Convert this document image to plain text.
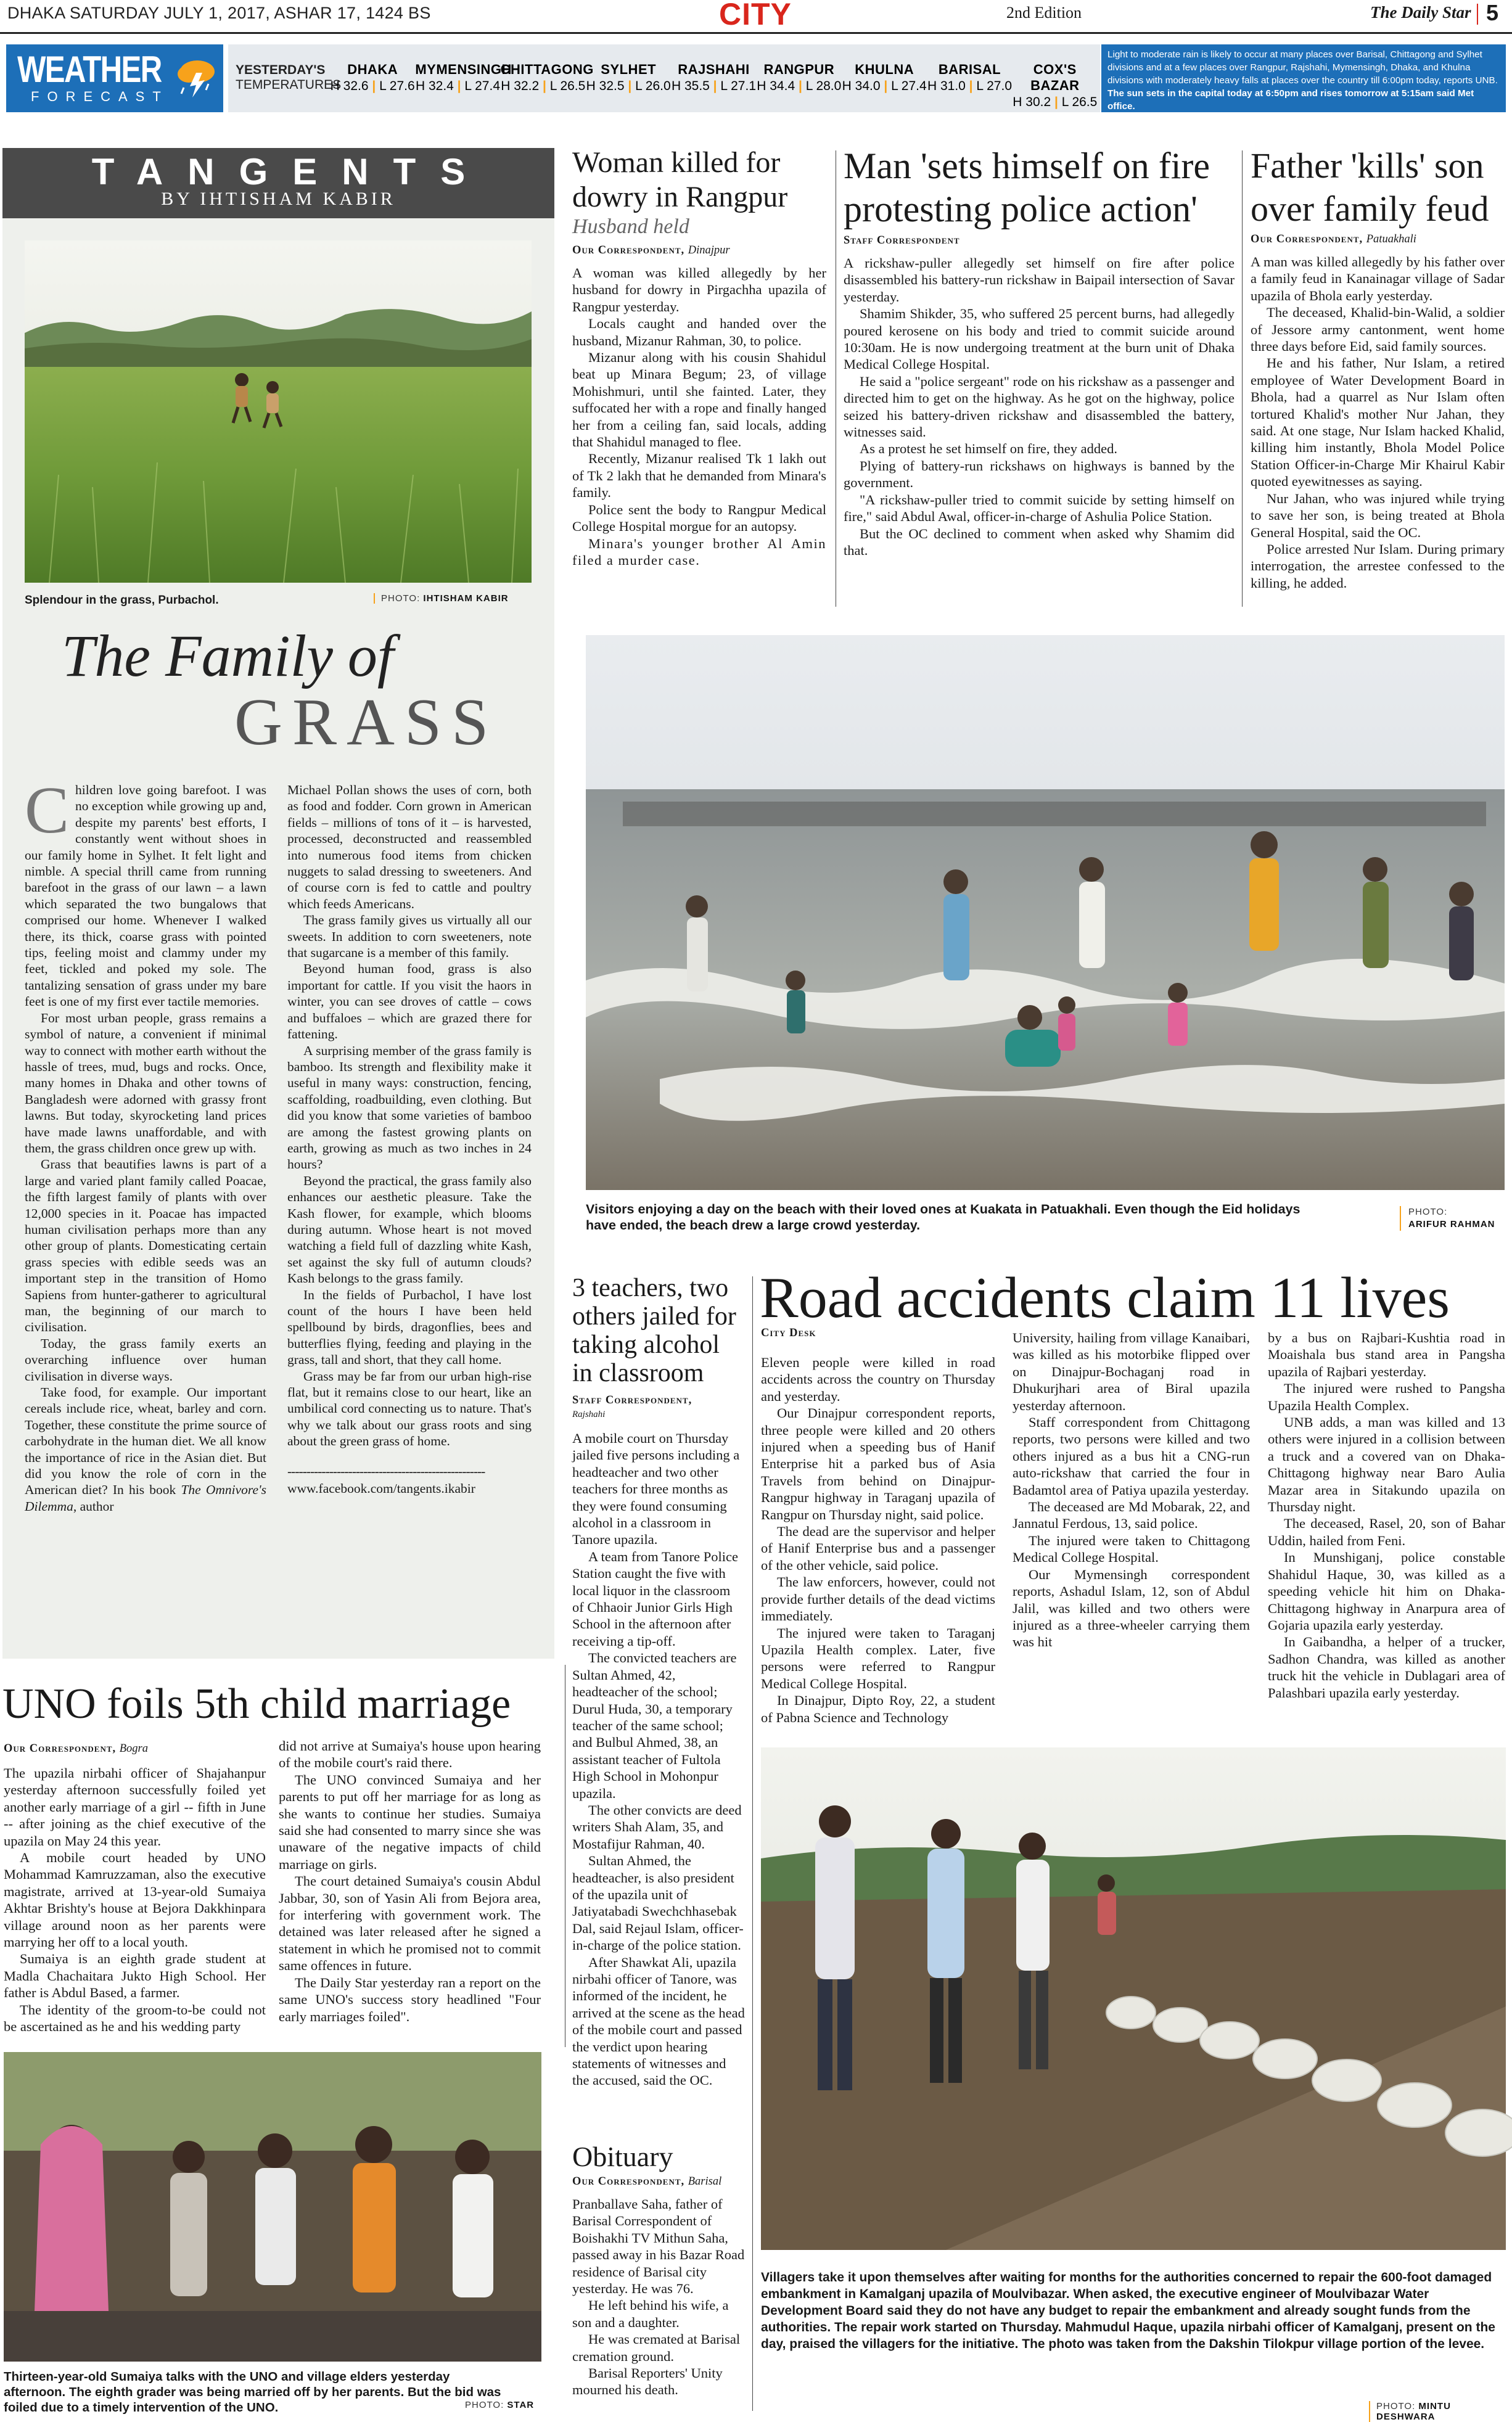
DHAKA SATURDAY JULY 1, 2017, ASHAR 17, 1424 BS	CITY	2nd Edition	The Daily Star 5
WEATHER
FORECAST
YESTERDAY'S
TEMPERATURES
DHAKA
H 32.6 | L 27.6
MYMENSINGH
H 32.4 | L 27.4
CHITTAGONG
H 32.2 | L 26.5
SYLHET
H 32.5 | L 26.0
RAJSHAHI
H 35.5 | L 27.1
RANGPUR
H 34.4 | L 28.0
KHULNA
H 34.0 | L 27.4
BARISAL
H 31.0 | L 27.0
COX'S BAZAR
H 30.2 | L 26.5
Light to moderate rain is likely to occur at many places over Barisal, Chittagong and Sylhet divisions and at a few places over Rangpur, Rajshahi, Mymensingh, Dhaka, and Khulna divisions with moderately heavy falls at places over the country till 6:00pm today, reports UNB. The sun sets in the capital today at 6:50pm and rises tomorrow at 5:15am said Met office.
TANGENTS
BY IHTISHAM KABIR
Splendour in the grass, Purbachol.	PHOTO: IHTISHAM KABIR
The Family of
GRASS

Children love going barefoot. I was no exception while growing up and, despite my parents' best efforts, I constantly went without shoes in our family home in Sylhet. It felt light and nimble. A special thrill came from running barefoot in the grass of our lawn – a lawn which separated the two bungalows that comprised our home. Whenever I walked there, its thick, coarse grass with pointed tips, feeling moist and clammy under my feet, tickled and poked my sole. The tantalizing sensation of grass under my bare feet is one of my first ever tactile memories.

For most urban people, grass remains a symbol of nature, a convenient if minimal way to connect with mother earth without the hassle of trees, mud, bugs and rocks. Once, many homes in Dhaka and other towns of Bangladesh were adorned with grassy front lawns. But today, skyrocketing land prices have made lawns unaffordable, and with them, the grass children once grew up with.

Grass that beautifies lawns is part of a large and varied plant family called Poacae, the fifth largest family of plants with over 12,000 species in it. Poacae has impacted human civilisation perhaps more than any other group of plants. Domesticating certain grass species with edible seeds was an important step in the transition of Homo Sapiens from hunter-gatherer to agricultural man, the beginning of our march to civilisation.

Today, the grass family exerts an overarching influence over human civilisation in diverse ways.

Take food, for example. Our important cereals include rice, wheat, barley and corn. Together, these constitute the prime source of carbohydrate in the human diet. We all know the importance of rice in the Asian diet. But did you know the role of corn in the American diet? In his book The Omnivore's Dilemma, author

Michael Pollan shows the uses of corn, both as food and fodder. Corn grown in American fields – millions of tons of it – is harvested, processed, deconstructed and reassembled into numerous food items from chicken nuggets to salad dressing to sweeteners. And of course corn is fed to cattle and poultry which feeds Americans.

The grass family gives us virtually all our sweets. In addition to corn sweeteners, note that sugarcane is a member of this family.

Beyond human food, grass is also important for cattle. If you visit the haors in winter, you can see droves of cattle – cows and buffaloes – which are grazed there for fattening.

A surprising member of the grass family is bamboo. Its strength and flexibility make it useful in many ways: construction, fencing, scaffolding, roadbuilding, even clothing. But did you know that some varieties of bamboo are among the fastest growing plants on earth, growing as much as two inches in 24 hours?

Beyond the practical, the grass family also enhances our aesthetic pleasure. Take the Kash flower, for example, which blooms during autumn. Whose heart is not moved watching a field full of dazzling white Kash, set against the sky full of autumn clouds? Kash belongs to the grass family.

In the fields of Purbachol, I have lost count of the hours I have been held spellbound by birds, dragonflies, bees and butterflies flying, feeding and playing in the grass, tall and short, that they call home.

Grass may be far from our urban high-rise flat, but it remains close to our heart, like an umbilical cord connecting us to nature. That's why we talk about our grass roots and sing about the green grass of home.

----------------------------------------------------

www.facebook.com/tangents.ikabir

Woman killed for dowry in Rangpur
Husband held
Our Correspondent, Dinajpur

A woman was killed allegedly by her husband for dowry in Pirgachha upazila of Rangpur yesterday.

Locals caught and handed over the husband, Mizanur Rahman, 30, to police.

Mizanur along with his cousin Shahidul beat up Minara Begum; 23, of village Mohishmuri, until she fainted. Later, they suffocated her with a rope and finally hanged her from a ceiling fan, said locals, adding that Shahidul managed to flee.

Recently, Mizanur realised Tk 1 lakh out of Tk 2 lakh that he demanded from Minara's family.

Police sent the body to Rangpur Medical College Hospital morgue for an autopsy.

Minara's younger brother Al Amin filed a murder case.

Man 'sets himself on fire protesting police action'
Staff Correspondent

A rickshaw-puller allegedly set himself on fire after police disassembled his battery-run rickshaw in Baipail intersection of Savar yesterday.

Shamim Shikder, 35, who suffered 25 percent burns, had allegedly poured kerosene on his body and tried to commit suicide around 10:30am. He is now undergoing treatment at the burn unit of Dhaka Medical College Hospital.

He said a "police sergeant" rode on his rickshaw as a passenger and directed him to get on the highway. As he got on the highway, police seized his battery-driven rickshaw and disassembled the battery, witnesses said.

As a protest he set himself on fire, they added.

Plying of battery-run rickshaws on highways is banned by the government.

"A rickshaw-puller tried to commit suicide by setting himself on fire," said Abdul Awal, officer-in-charge of Ashulia Police Station.

But the OC declined to comment when asked why Shamim did that.

Father 'kills' son over family feud
Our Correspondent, Patuakhali

A man was killed allegedly by his father over a family feud in Kanainagar village of Sadar upazila of Bhola early yesterday.

The deceased, Khalid-bin-Walid, a soldier of Jessore army cantonment, went home three days before Eid, said family sources.

He and his father, Nur Islam, a retired employee of Water Development Board in Bhola, had a quarrel as Nur Islam often tortured Khalid's mother Nur Jahan, they said. At one stage, Nur Islam hacked Khalid, killing him instantly, Bhola Model Police Station Officer-in-Charge Mir Khairul Kabir quoted eyewitnesses as saying.

Nur Jahan, who was injured while trying to save her son, is being treated at Bhola General Hospital, said the OC.

Police arrested Nur Islam. During primary interrogation, the arrestee confessed to the killing, he added.

Visitors enjoying a day on the beach with their loved ones at Kuakata in Patuakhali. Even though the Eid holidays have ended, the beach drew a large crowd yesterday.
PHOTO:
ARIFUR RAHMAN
3 teachers, two others jailed for taking alcohol in classroom
Staff Correspondent,
Rajshahi

A mobile court on Thursday jailed five persons including a headteacher and two other teachers for three months as they were found consuming alcohol in a classroom in Tanore upazila.

A team from Tanore Police Station caught the five with local liquor in the classroom of Chhaoir Junior Girls High School in the afternoon after receiving a tip-off.

The convicted teachers are Sultan Ahmed, 42, headteacher of the school; Durul Huda, 30, a temporary teacher of the same school; and Bulbul Ahmed, 38, an assistant teacher of Fultola High School in Mohonpur upazila.

The other convicts are deed writers Shah Alam, 35, and Mostafijur Rahman, 40.

Sultan Ahmed, the headteacher, is also president of the upazila unit of Jatiyatabadi Swechchhasebak Dal, said Rejaul Islam, officer-in-charge of the police station.

After Shawkat Ali, upazila nirbahi officer of Tanore, was informed of the incident, he arrived at the scene as the head of the mobile court and passed the verdict upon hearing statements of witnesses and the accused, said the OC.

Obituary
Our Correspondent, Barisal

Pranballave Saha, father of Barisal Correspondent of Boishakhi TV Mithun Saha, passed away in his Bazar Road residence of Barisal city yesterday. He was 76.

He left behind his wife, a son and a daughter.

He was cremated at Barisal cremation ground.

Barisal Reporters' Unity mourned his death.

Road accidents claim 11 lives
City Desk

Eleven people were killed in road accidents across the country on Thursday and yesterday.

Our Dinajpur correspondent reports, three people were killed and 20 others injured when a speeding bus of Hanif Enterprise hit a parked bus of Asia Travels from behind on Dinajpur-Rangpur highway in Taraganj upazila of Rangpur on Thursday night, said police.

The dead are the supervisor and helper of Hanif Enterprise bus and a passenger of the other vehicle, said police.

The law enforcers, however, could not provide further details of the dead victims immediately.

The injured were taken to Taraganj Upazila Health complex. Later, five persons were referred to Rangpur Medical College Hospital.

In Dinajpur, Dipto Roy, 22, a student of Pabna Science and Technology

University, hailing from village Kanaibari, was killed as his motorbike flipped over on Dinajpur-Bochaganj road in Dhukurjhari area of Biral upazila yesterday afternoon.

Staff correspondent from Chittagong reports, two persons were killed and two others injured as a bus hit a CNG-run auto-rickshaw that carried the four in Badamtol area of Patiya upazila yesterday.

The deceased are Md Mobarak, 22, and Jannatul Ferdous, 13, said police.

The injured were taken to Chittagong Medical College Hospital.

Our Mymensingh correspondent reports, Ashadul Islam, 12, son of Abdul Jalil, was killed and two others were injured as a three-wheeler carrying them was hit

by a bus on Rajbari-Kushtia road in Moaishala bus stand area in Pangsha upazila of Rajbari yesterday.

The injured were rushed to Pangsha Upazila Health Complex.

UNB adds, a man was killed and 13 others were injured in a collision between a truck and a covered van on Dhaka-Chittagong highway near Baro Aulia Mazar area in Sitakundo upazila on Thursday night.

The deceased, Rasel, 20, son of Bahar Uddin, hailed from Feni.

In Munshiganj, police constable Shahidul Haque, 30, was killed as a speeding vehicle hit him on Dhaka-Chittagong highway in Anarpura area of Gojaria upazila early yesterday.

In Gaibandha, a helper of a trucker, Sadhon Chandra, was killed as another truck hit the vehicle in Dublagari area of Palashbari upazila early yesterday.

Villagers take it upon themselves after waiting for months for the authorities concerned to repair the 600-foot damaged embankment in Kamalganj upazila of Moulvibazar. When asked, the executive engineer of Moulvibazar Water Development Board said they do not have any budget to repair the embankment and already sought funds from the authorities. The repair work started on Thursday. Mahmudul Haque, upazila nirbahi officer of Kamalganj, present on the day, praised the villagers for the initiative. The photo was taken from the Dakshin Tilokpur village portion of the levee.
PHOTO: MINTU DESHWARA
UNO foils 5th child marriage
Our Correspondent, Bogra

The upazila nirbahi officer of Shajahanpur yesterday afternoon successfully foiled yet another early marriage of a girl -- fifth in June -- after joining as the chief executive of the upazila on May 24 this year.

A mobile court headed by UNO Mohammad Kamruzzaman, also the executive magistrate, arrived at 13-year-old Sumaiya Akhtar Brishty's house at Bejora Dakkhinpara village around noon as her parents were marrying her off to a local youth.

Sumaiya is an eighth grade student at Madla Chachaitara Jukto High School. Her father is Abdul Based, a farmer.

The identity of the groom-to-be could not be ascertained as he and his wedding party

did not arrive at Sumaiya's house upon hearing of the mobile court's raid there.

The UNO convinced Sumaiya and her parents to put off her marriage for as long as she wants to continue her studies. Sumaiya said she had consented to marry since she was unaware of the negative impacts of child marriage on girls.

The court detained Sumaiya's cousin Abdul Jabbar, 30, son of Yasin Ali from Bejora area, for interfering with government work. The detained was later released after he signed a statement in which he promised not to commit same offences in future.

The Daily Star yesterday ran a report on the same UNO's success story headlined "Four early marriages foiled".

Thirteen-year-old Sumaiya talks with the UNO and village elders yesterday afternoon. The eighth grader was being married off by her parents. But the bid was foiled due to a timely intervention of the UNO.	PHOTO: STAR
